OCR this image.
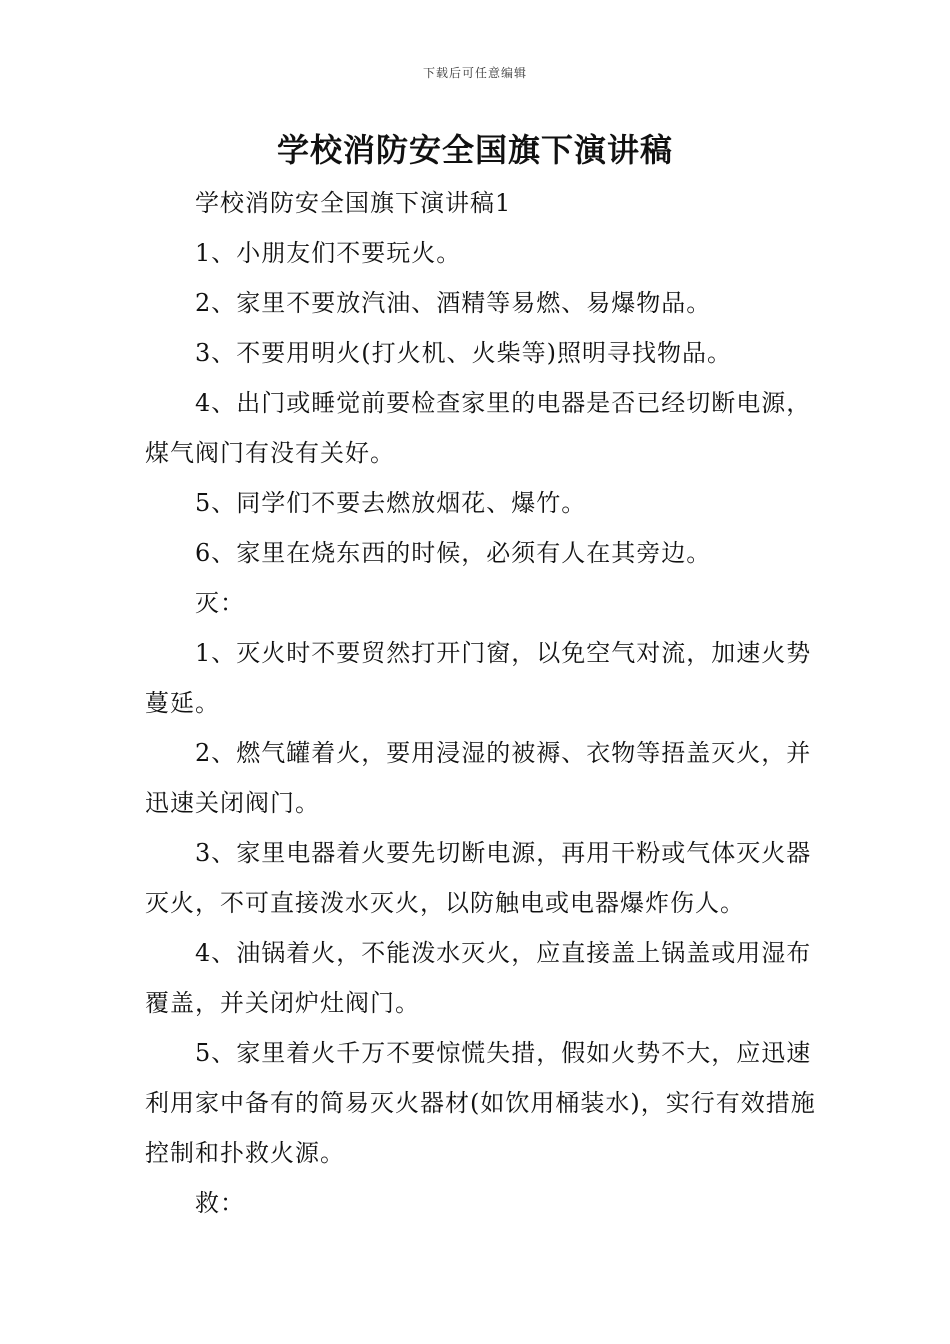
下载后可任意编辑
学校消防安全国旗下演讲稿

学校消防安全国旗下演讲稿1

1、小朋友们不要玩火。

2、家里不要放汽油、酒精等易燃、易爆物品。

3、不要用明火(打火机、火柴等)照明寻找物品。

4、出门或睡觉前要检查家里的电器是否已经切断电源，煤气阀门有没有关好。

5、同学们不要去燃放烟花、爆竹。

6、家里在烧东西的时候，必须有人在其旁边。

灭：

1、灭火时不要贸然打开门窗，以免空气对流，加速火势蔓延。

2、燃气罐着火，要用浸湿的被褥、衣物等捂盖灭火，并迅速关闭阀门。

3、家里电器着火要先切断电源，再用干粉或气体灭火器灭火，不可直接泼水灭火，以防触电或电器爆炸伤人。

4、油锅着火，不能泼水灭火，应直接盖上锅盖或用湿布覆盖，并关闭炉灶阀门。

5、家里着火千万不要惊慌失措，假如火势不大，应迅速利用家中备有的简易灭火器材(如饮用桶装水)，实行有效措施控制和扑救火源。

救：
